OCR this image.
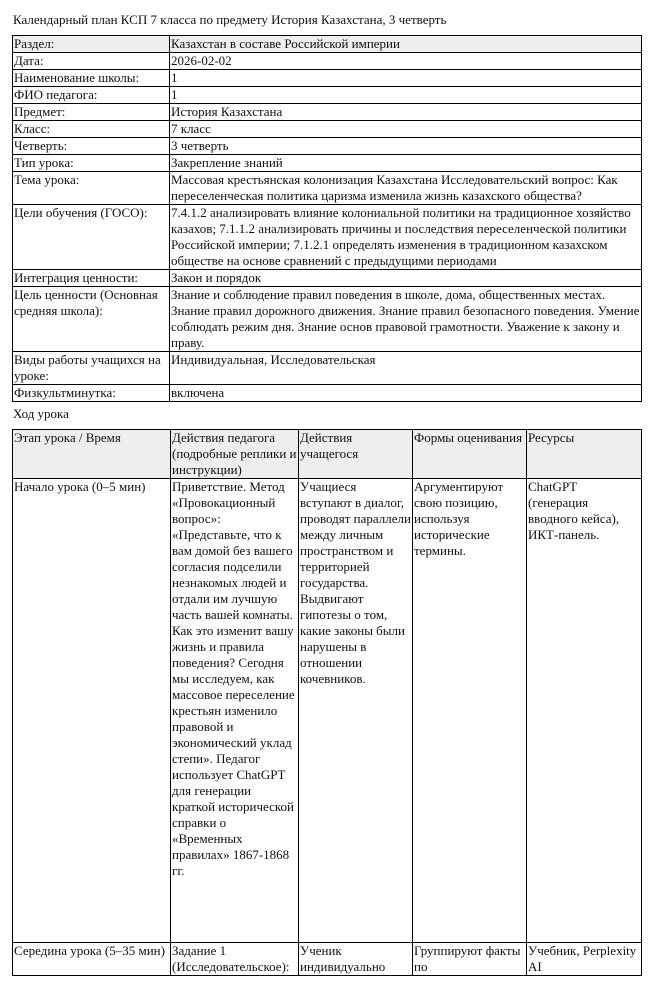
Календарный план КСП 7 класса по предмету История Казахстана, 3 четверть
Раздел:	Казахстан в составе Российской империи
Дата:	2026-02-02
Наименование школы:	1
ФИО педагога:	1
Предмет:	История Казахстана
Класс:	7 класс
Четверть:	3 четверть
Тип урока:	Закрепление знаний
Тема урока:	Массовая крестьянская колонизация Казахстана Исследовательский вопрос: Как переселенческая политика царизма изменила жизнь казахского общества?
Цели обучения (ГОСО):	7.4.1.2 анализировать влияние колониальной политики на традиционное хозяйство казахов; 7.1.1.2 анализировать причины и последствия переселенческой политики Российской империи; 7.1.2.1 определять изменения в традиционном казахском обществе на основе сравнений с предыдущими периодами
Интеграция ценности:	Закон и порядок
Цель ценности (Основная средняя школа):	Знание и соблюдение правил поведения в школе, дома, общественных местах. Знание правил дорожного движения. Знание правил безопасного поведения. Умение соблюдать режим дня. Знание основ правовой грамотности. Уважение к закону и праву.
Виды работы учащихся на уроке:	Индивидуальная, Исследовательская
Физкультминутка:	включена
Ход урока
Этап урока / Время	Действия педагога (подробные реплики и инструкции)	Действия учащегося	Формы оценивания	Ресурсы
Начало урока (0–5 мин)	Приветствие. Метод «Провокационный вопрос»: «Представьте, что к вам домой без вашего согласия подселили незнакомых людей и отдали им лучшую часть вашей комнаты. Как это изменит вашу жизнь и правила поведения? Сегодня мы исследуем, как массовое переселение крестьян изменило правовой и экономический уклад степи». Педагог использует ChatGPT для генерации краткой исторической справки о «Временных правилах» 1867-1868 гг.	Учащиеся вступают в диалог, проводят параллели между личным пространством и территорией государства. Выдвигают гипотезы о том, какие законы были нарушены в отношении кочевников.	Аргументируют свою позицию, используя исторические термины.	ChatGPT (генерация вводного кейса), ИКТ-панель.
Середина урока (5–35 мин)	Задание 1 (Исследовательское):	Ученик индивидуально	Группируют факты по	Учебник, Perplexity AI
